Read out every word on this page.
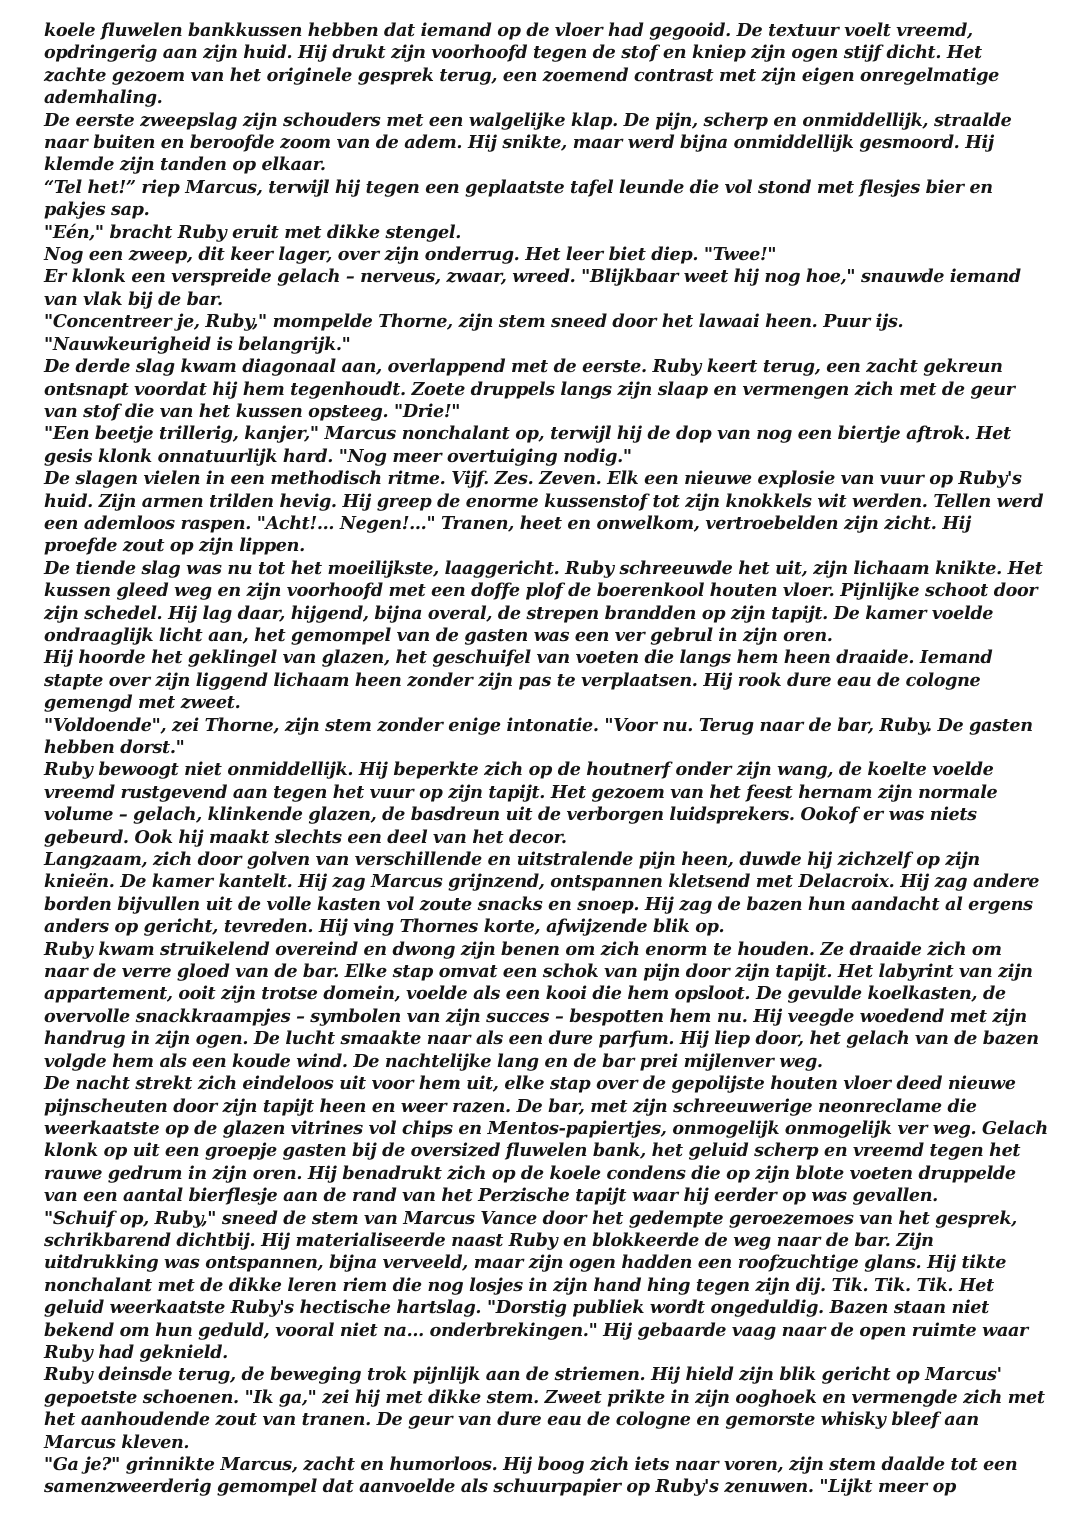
koele fluwelen bankkussen hebben dat iemand op de vloer had gegooid. De textuur voelt vreemd, opdringerig aan zijn huid. Hij drukt zijn voorhoofd tegen de stof en kniep zijn ogen stijf dicht. Het zachte gezoem van het originele gesprek terug, een zoemend contrast met zijn eigen onregelmatige ademhaling.

De eerste zweepslag zijn schouders met een walgelijke klap. De pijn, scherp en onmiddellijk, straalde naar buiten en beroofde zoom van de adem. Hij snikte, maar werd bijna onmiddellijk gesmoord. Hij klemde zijn tanden op elkaar.

“Tel het!” riep Marcus, terwijl hij tegen een geplaatste tafel leunde die vol stond met flesjes bier en pakjes sap.

"Eén," bracht Ruby eruit met dikke stengel.

Nog een zweep, dit keer lager, over zijn onderrug. Het leer biet diep. "Twee!"

Er klonk een verspreide gelach – nerveus, zwaar, wreed. "Blijkbaar weet hij nog hoe," snauwde iemand van vlak bij de bar.

"Concentreer je, Ruby," mompelde Thorne, zijn stem sneed door het lawaai heen. Puur ijs. "Nauwkeurigheid is belangrijk."

De derde slag kwam diagonaal aan, overlappend met de eerste. Ruby keert terug, een zacht gekreun ontsnapt voordat hij hem tegenhoudt. Zoete druppels langs zijn slaap en vermengen zich met de geur van stof die van het kussen opsteeg. "Drie!"

"Een beetje trillerig, kanjer," Marcus nonchalant op, terwijl hij de dop van nog een biertje aftrok. Het gesis klonk onnatuurlijk hard. "Nog meer overtuiging nodig."

De slagen vielen in een methodisch ritme. Vijf. Zes. Zeven. Elk een nieuwe explosie van vuur op Ruby's huid. Zijn armen trilden hevig. Hij greep de enorme kussenstof tot zijn knokkels wit werden. Tellen werd een ademloos raspen. "Acht!... Negen!..." Tranen, heet en onwelkom, vertroebelden zijn zicht. Hij proefde zout op zijn lippen.

De tiende slag was nu tot het moeilijkste, laaggericht. Ruby schreeuwde het uit, zijn lichaam knikte. Het kussen gleed weg en zijn voorhoofd met een doffe plof de boerenkool houten vloer. Pijnlijke schoot door zijn schedel. Hij lag daar, hijgend, bijna overal, de strepen brandden op zijn tapijt. De kamer voelde ondraaglijk licht aan, het gemompel van de gasten was een ver gebrul in zijn oren.

Hij hoorde het geklingel van glazen, het geschuifel van voeten die langs hem heen draaide. Iemand stapte over zijn liggend lichaam heen zonder zijn pas te verplaatsen. Hij rook dure eau de cologne gemengd met zweet.

"Voldoende", zei Thorne, zijn stem zonder enige intonatie. "Voor nu. Terug naar de bar, Ruby. De gasten hebben dorst."

Ruby bewoogt niet onmiddellijk. Hij beperkte zich op de houtnerf onder zijn wang, de koelte voelde vreemd rustgevend aan tegen het vuur op zijn tapijt. Het gezoem van het feest hernam zijn normale volume – gelach, klinkende glazen, de basdreun uit de verborgen luidsprekers. Ookof er was niets gebeurd. Ook hij maakt slechts een deel van het decor.

Langzaam, zich door golven van verschillende en uitstralende pijn heen, duwde hij zichzelf op zijn knieën. De kamer kantelt. Hij zag Marcus grijnzend, ontspannen kletsend met Delacroix. Hij zag andere borden bijvullen uit de volle kasten vol zoute snacks en snoep. Hij zag de bazen hun aandacht al ergens anders op gericht, tevreden. Hij ving Thornes korte, afwijzende blik op.

Ruby kwam struikelend overeind en dwong zijn benen om zich enorm te houden. Ze draaide zich om naar de verre gloed van de bar. Elke stap omvat een schok van pijn door zijn tapijt. Het labyrint van zijn appartement, ooit zijn trotse domein, voelde als een kooi die hem opsloot. De gevulde koelkasten, de overvolle snackkraampjes – symbolen van zijn succes – bespotten hem nu. Hij veegde woedend met zijn handrug in zijn ogen. De lucht smaakte naar als een dure parfum. Hij liep door, het gelach van de bazen volgde hem als een koude wind. De nachtelijke lang en de bar prei mijlenver weg.

De nacht strekt zich eindeloos uit voor hem uit, elke stap over de gepolijste houten vloer deed nieuwe pijnscheuten door zijn tapijt heen en weer razen. De bar, met zijn schreeuwerige neonreclame die weerkaatste op de glazen vitrines vol chips en Mentos-papiertjes, onmogelijk onmogelijk ver weg. Gelach klonk op uit een groepje gasten bij de oversized fluwelen bank, het geluid scherp en vreemd tegen het rauwe gedrum in zijn oren. Hij benadrukt zich op de koele condens die op zijn blote voeten druppelde van een aantal bierflesje aan de rand van het Perzische tapijt waar hij eerder op was gevallen.

"Schuif op, Ruby," sneed de stem van Marcus Vance door het gedempte geroezemoes van het gesprek, schrikbarend dichtbij. Hij materialiseerde naast Ruby en blokkeerde de weg naar de bar. Zijn uitdrukking was ontspannen, bijna verveeld, maar zijn ogen hadden een roofzuchtige glans. Hij tikte nonchalant met de dikke leren riem die nog losjes in zijn hand hing tegen zijn dij. Tik. Tik. Tik. Het geluid weerkaatste Ruby's hectische hartslag. "Dorstig publiek wordt ongeduldig. Bazen staan niet bekend om hun geduld, vooral niet na... onderbrekingen." Hij gebaarde vaag naar de open ruimte waar Ruby had geknield.

Ruby deinsde terug, de beweging trok pijnlijk aan de striemen. Hij hield zijn blik gericht op Marcus' gepoetste schoenen. "Ik ga," zei hij met dikke stem. Zweet prikte in zijn ooghoek en vermengde zich met het aanhoudende zout van tranen. De geur van dure eau de cologne en gemorste whisky bleef aan Marcus kleven.

"Ga je?" grinnikte Marcus, zacht en humorloos. Hij boog zich iets naar voren, zijn stem daalde tot een samenzweerderig gemompel dat aanvoelde als schuurpapier op Ruby's zenuwen. "Lijkt meer op
